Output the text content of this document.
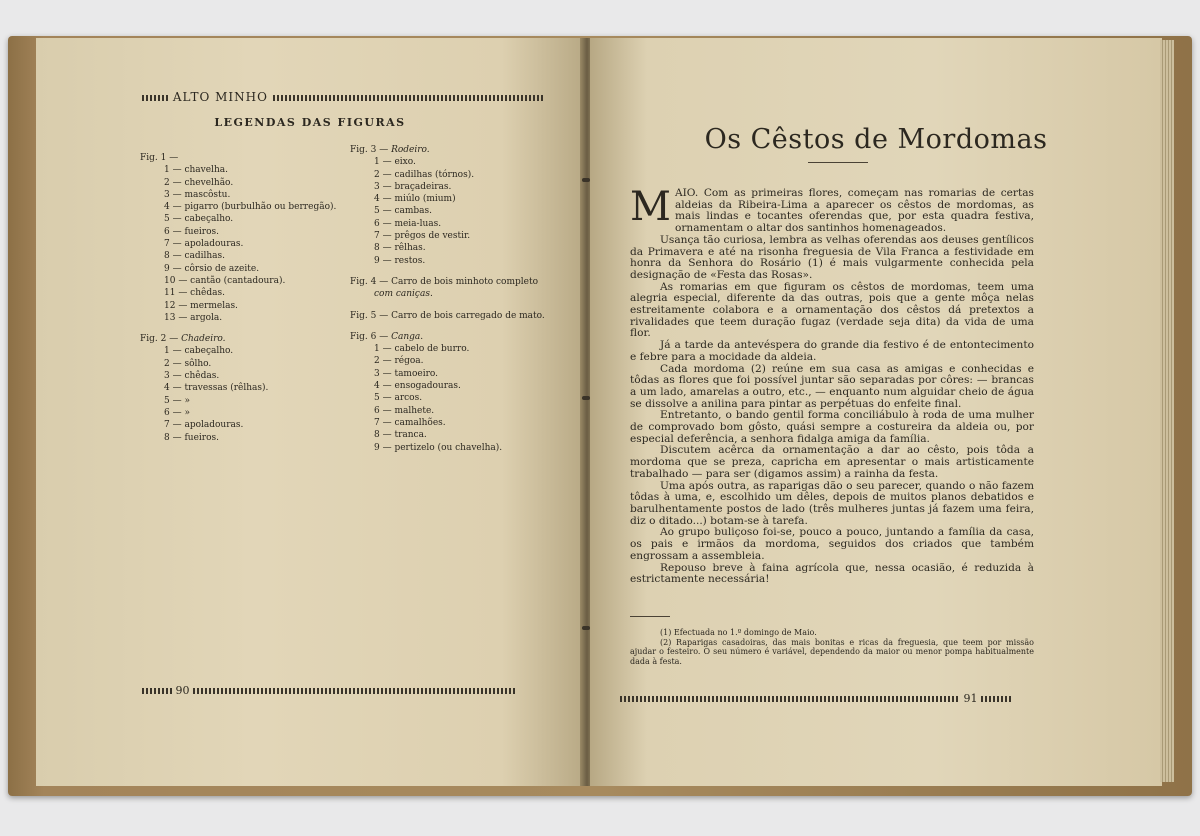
ALTO MINHO
LEGENDAS DAS FIGURAS
Fig. 1 —
1 — chavelha.
2 — chevelhão.
3 — mascôstu.
4 — pigarro (burbulhão ou berregão).
5 — cabeçalho.
6 — fueiros.
7 — apoladouras.
8 — cadilhas.
9 — côrsio de azeite.
10 — cantão (cantadoura).
11 — chêdas.
12 — mermelas.
13 — argola.
Fig. 2 — Chadeiro.
1 — cabeçalho.
2 — sôlho.
3 — chêdas.
4 — travessas (rêlhas).
5 — »
6 — »
7 — apoladouras.
8 — fueiros.
Fig. 3 — Rodeiro.
1 — eixo.
2 — cadilhas (tórnos).
3 — braçadeiras.
4 — miúlo (mium)
5 — cambas.
6 — meia-luas.
7 — prêgos de vestir.
8 — rêlhas.
9 — restos.
Fig. 4 — Carro de bois minhoto completo
com caniças.
Fig. 5 — Carro de bois carregado de mato.
Fig. 6 — Canga.
1 — cabelo de burro.
2 — régoa.
3 — tamoeiro.
4 — ensogadouras.
5 — arcos.
6 — malhete.
7 — camalhões.
8 — tranca.
9 — pertizelo (ou chavelha).
90
Os Cêstos de Mordomas

MAIO. Com as primeiras flores, começam nas romarias de certas aldeias da Ribeira-Lima a aparecer os cêstos de mordomas, as mais lindas e tocantes oferendas que, por esta quadra festiva, ornamentam o altar dos santinhos homenageados.

Usança tão curiosa, lembra as velhas oferendas aos deuses gentílicos da Primavera e até na risonha freguesia de Vila Franca a festividade em honra da Senhora do Rosário (1) é mais vulgarmente conhecida pela designação de «Festa das Rosas».

As romarias em que figuram os cêstos de mordomas, teem uma alegria especial, diferente da das outras, pois que a gente môça nelas estreitamente colabora e a ornamentação dos cêstos dá pretextos a rivalidades que teem duração fugaz (verdade seja dita) da vida de uma flor.

Já a tarde da antevéspera do grande dia festivo é de entontecimento e febre para a mocidade da aldeia.

Cada mordoma (2) reúne em sua casa as amigas e conhecidas e tôdas as flores que foi possível juntar são separadas por côres: — brancas a um lado, amarelas a outro, etc., — enquanto num alguidar cheio de água se dissolve a anilina para pintar as perpétuas do enfeite final.

Entretanto, o bando gentil forma conciliábulo à roda de uma mulher de comprovado bom gôsto, quási sempre a costureira da aldeia ou, por especial deferência, a senhora fidalga amiga da família.

Discutem acêrca da ornamentação a dar ao cêsto, pois tôda a mordoma que se preza, capricha em apresentar o mais artisticamente trabalhado — para ser (digamos assim) a rainha da festa.

Uma após outra, as raparigas dão o seu parecer, quando o não fazem tôdas à uma, e, escolhido um dêles, depois de muitos planos debatidos e barulhentamente postos de lado (três mulheres juntas já fazem uma feira, diz o ditado...) botam-se à tarefa.

Ao grupo buliçoso foi-se, pouco a pouco, juntando a família da casa, os pais e irmãos da mordoma, seguidos dos criados que também engrossam a assembleia.

Repouso breve à faina agrícola que, nessa ocasião, é reduzida à estrictamente necessária!

(1) Efectuada no 1.º domingo de Maio.

(2) Raparigas casadoiras, das mais bonitas e ricas da freguesia, que teem por missão ajudar o festeiro. O seu número é variável, dependendo da maior ou menor pompa habitualmente dada à festa.

91
